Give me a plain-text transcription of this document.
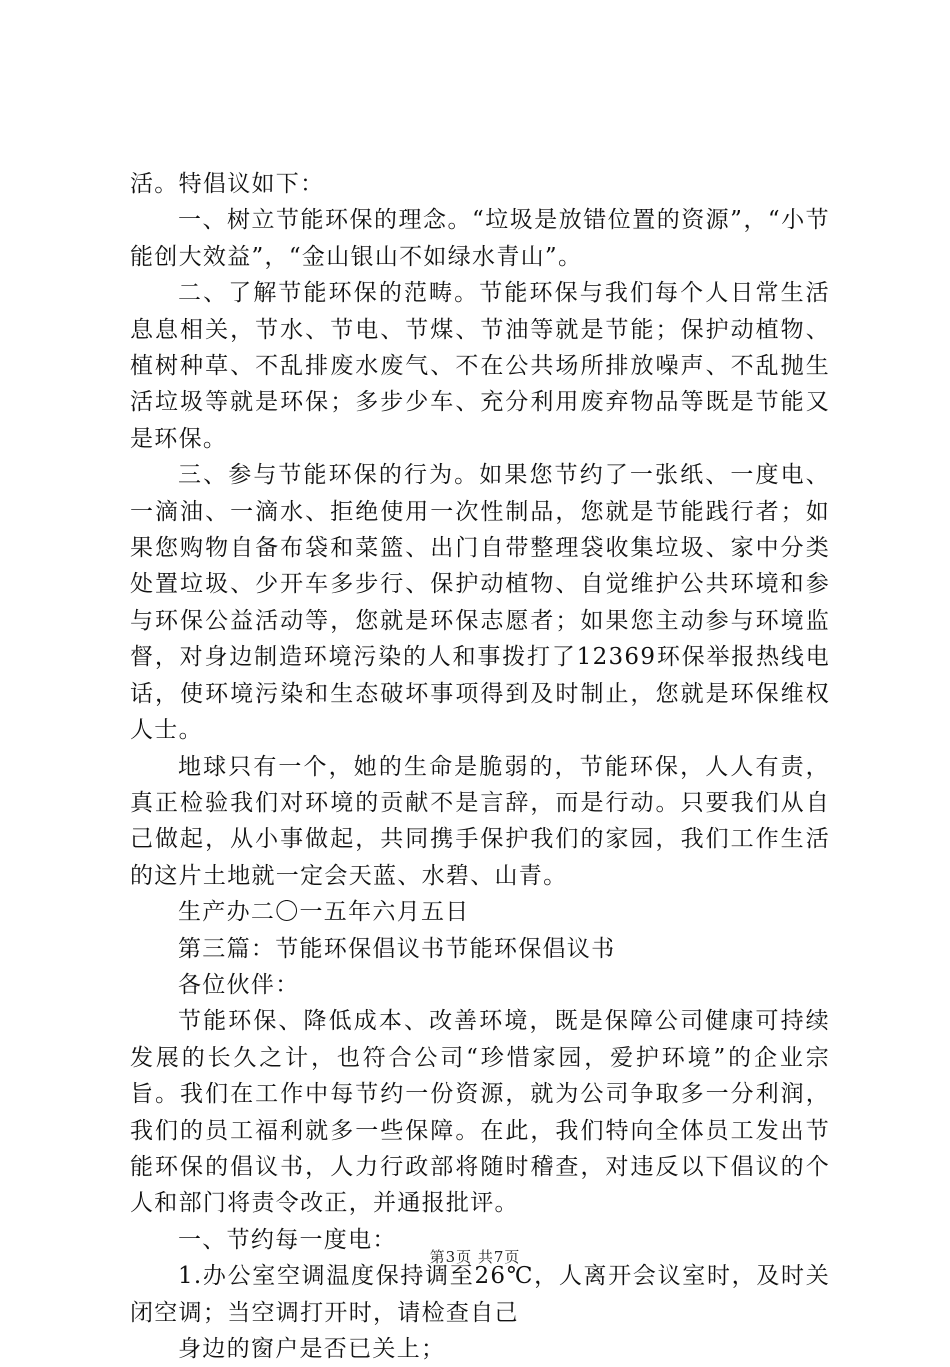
活。特倡议如下：

一、树立节能环保的理念。“垃圾是放错位置的资源”，“小节能创大效益”，“金山银山不如绿水青山”。

二、了解节能环保的范畴。节能环保与我们每个人日常生活息息相关，节水、节电、节煤、节油等就是节能；保护动植物、植树种草、不乱排废水废气、不在公共场所排放噪声、不乱抛生活垃圾等就是环保；多步少车、充分利用废弃物品等既是节能又是环保。

三、参与节能环保的行为。如果您节约了一张纸、一度电、一滴油、一滴水、拒绝使用一次性制品，您就是节能践行者；如果您购物自备布袋和菜篮、出门自带整理袋收集垃圾、家中分类处置垃圾、少开车多步行、保护动植物、自觉维护公共环境和参与环保公益活动等，您就是环保志愿者；如果您主动参与环境监督，对身边制造环境污染的人和事拨打了12369环保举报热线电话，使环境污染和生态破坏事项得到及时制止，您就是环保维权人士。

地球只有一个，她的生命是脆弱的，节能环保，人人有责，真正检验我们对环境的贡献不是言辞，而是行动。只要我们从自己做起，从小事做起，共同携手保护我们的家园，我们工作生活的这片土地就一定会天蓝、水碧、山青。

生产办二〇一五年六月五日

第三篇：节能环保倡议书节能环保倡议书

各位伙伴：

节能环保、降低成本、改善环境，既是保障公司健康可持续发展的长久之计，也符合公司“珍惜家园，爱护环境”的企业宗旨。我们在工作中每节约一份资源，就为公司争取多一分利润，我们的员工福利就多一些保障。在此，我们特向全体员工发出节能环保的倡议书，人力行政部将随时稽查，对违反以下倡议的个人和部门将责令改正，并通报批评。

一、节约每一度电：

1.办公室空调温度保持调至26℃，人离开会议室时，及时关闭空调；当空调打开时，请检查自己

身边的窗户是否已关上；

第3页 共7页
